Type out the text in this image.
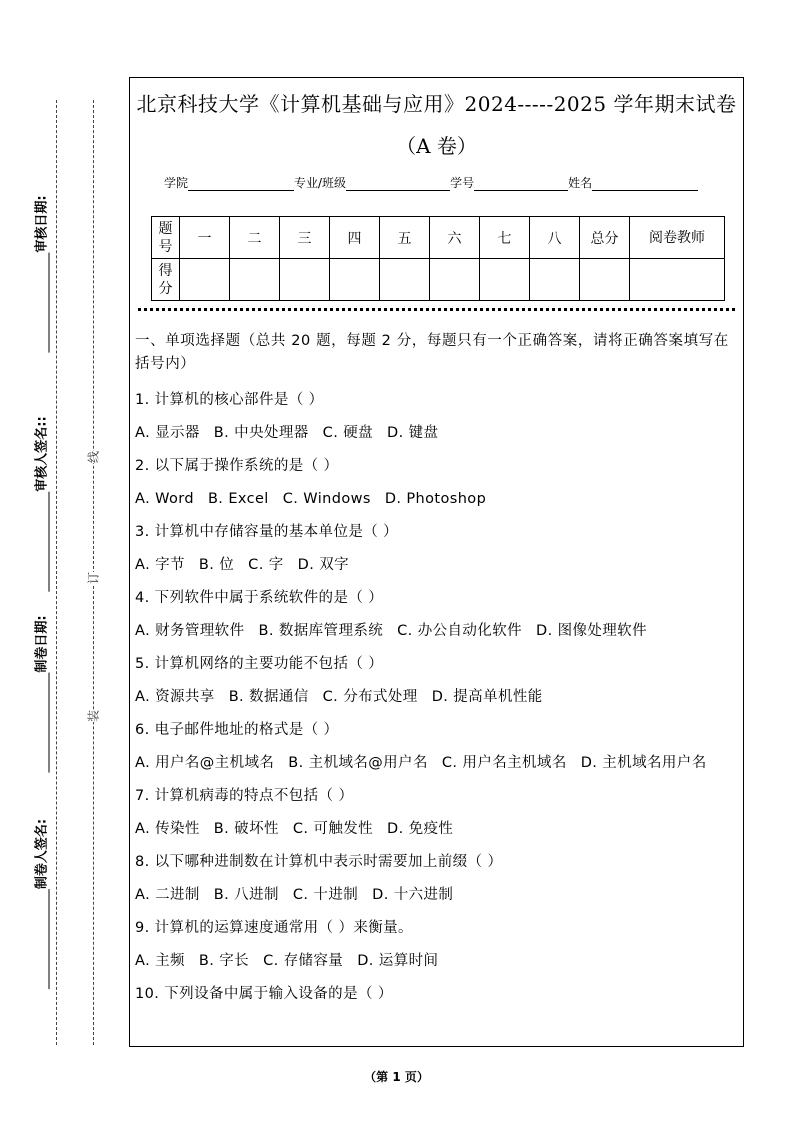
审核日期:
审核人签名::
制卷日期:
制卷人签名:
线
订
装
北京科技大学《计算机基础与应用》2024-----2025 学年期末试卷
（A 卷）
学院	专业/班级	学号	姓名
题号	一	二	三	四	五	六	七	八	总分	阅卷教师
得分										
一、单项选择题（总共 20 题，每题 2 分，每题只有一个正确答案，请将正确答案填写在括号内）
1. 计算机的核心部件是（ ）
A. 显示器 B. 中央处理器 C. 硬盘 D. 键盘
2. 以下属于操作系统的是（ ）
A. Word B. Excel C. Windows D. Photoshop
3. 计算机中存储容量的基本单位是（ ）
A. 字节 B. 位 C. 字 D. 双字
4. 下列软件中属于系统软件的是（ ）
A. 财务管理软件 B. 数据库管理系统 C. 办公自动化软件 D. 图像处理软件
5. 计算机网络的主要功能不包括（ ）
A. 资源共享 B. 数据通信 C. 分布式处理 D. 提高单机性能
6. 电子邮件地址的格式是（ ）
A. 用户名@主机域名 B. 主机域名@用户名 C. 用户名主机域名 D. 主机域名用户名
7. 计算机病毒的特点不包括（ ）
A. 传染性 B. 破坏性 C. 可触发性 D. 免疫性
8. 以下哪种进制数在计算机中表示时需要加上前缀（ ）
A. 二进制 B. 八进制 C. 十进制 D. 十六进制
9. 计算机的运算速度通常用（ ）来衡量。
A. 主频 B. 字长 C. 存储容量 D. 运算时间
10. 下列设备中属于输入设备的是（ ）
（第 1 页）
